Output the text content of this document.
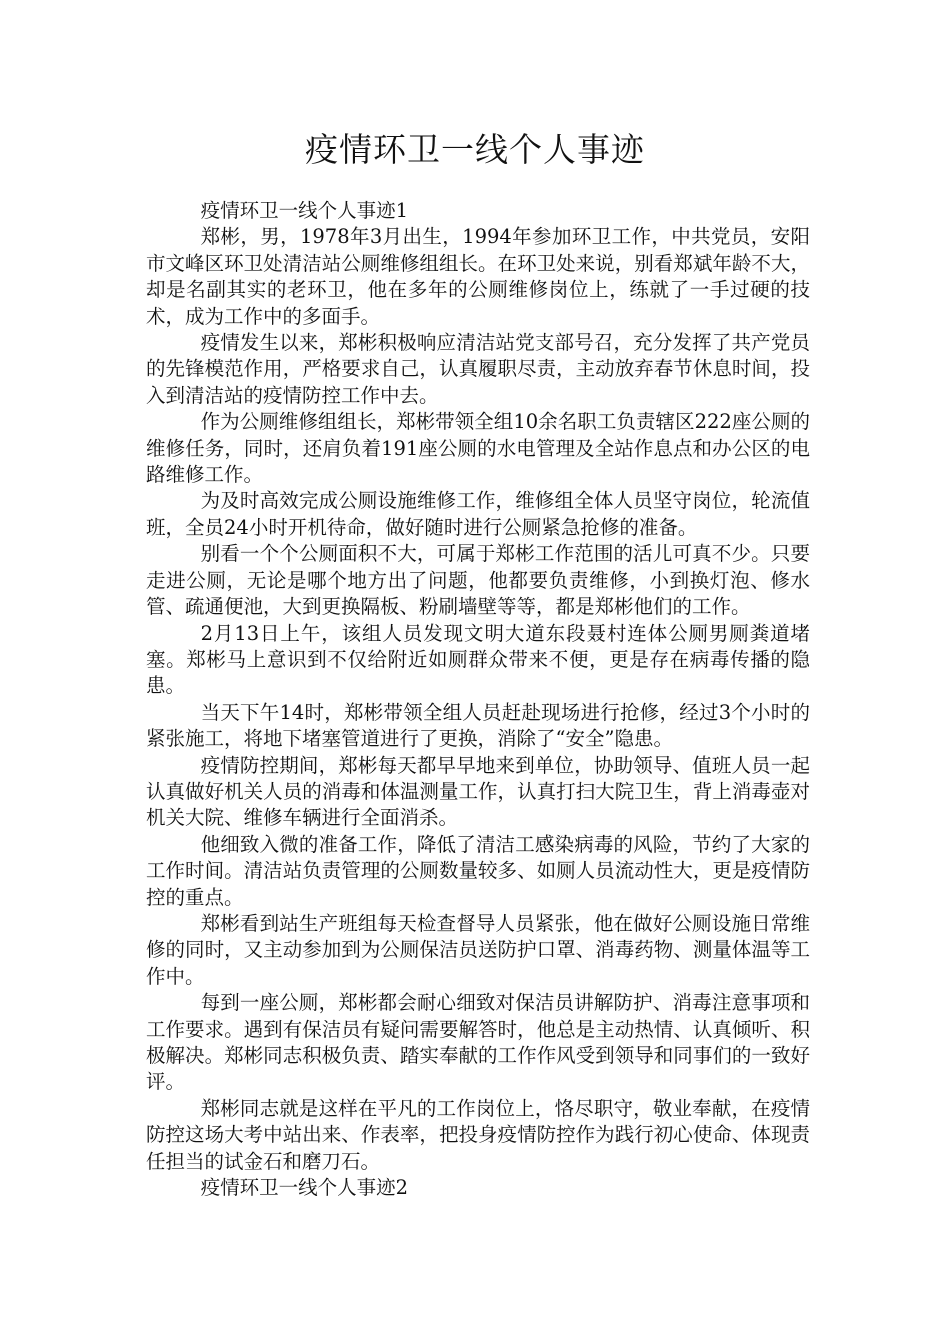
疫情环卫一线个人事迹

疫情环卫一线个人事迹1

郑彬，男，1978年3月出生，1994年参加环卫工作，中共党员，安阳市文峰区环卫处清洁站公厕维修组组长。在环卫处来说，别看郑斌年龄不大，却是名副其实的老环卫，他在多年的公厕维修岗位上，练就了一手过硬的技术，成为工作中的多面手。

疫情发生以来，郑彬积极响应清洁站党支部号召，充分发挥了共产党员的先锋模范作用，严格要求自己，认真履职尽责，主动放弃春节休息时间，投入到清洁站的疫情防控工作中去。

作为公厕维修组组长，郑彬带领全组10余名职工负责辖区222座公厕的维修任务，同时，还肩负着191座公厕的水电管理及全站作息点和办公区的电路维修工作。

为及时高效完成公厕设施维修工作，维修组全体人员坚守岗位，轮流值班，全员24小时开机待命，做好随时进行公厕紧急抢修的准备。

别看一个个公厕面积不大，可属于郑彬工作范围的活儿可真不少。只要走进公厕，无论是哪个地方出了问题，他都要负责维修，小到换灯泡、修水管、疏通便池，大到更换隔板、粉刷墙壁等等，都是郑彬他们的工作。

2月13日上午，该组人员发现文明大道东段聂村连体公厕男厕粪道堵塞。郑彬马上意识到不仅给附近如厕群众带来不便，更是存在病毒传播的隐患。

当天下午14时，郑彬带领全组人员赶赴现场进行抢修，经过3个小时的紧张施工，将地下堵塞管道进行了更换，消除了“安全”隐患。

疫情防控期间，郑彬每天都早早地来到单位，协助领导、值班人员一起认真做好机关人员的消毒和体温测量工作，认真打扫大院卫生，背上消毒壶对机关大院、维修车辆进行全面消杀。

他细致入微的准备工作，降低了清洁工感染病毒的风险，节约了大家的工作时间。清洁站负责管理的公厕数量较多、如厕人员流动性大，更是疫情防控的重点。

郑彬看到站生产班组每天检查督导人员紧张，他在做好公厕设施日常维修的同时，又主动参加到为公厕保洁员送防护口罩、消毒药物、测量体温等工作中。

每到一座公厕，郑彬都会耐心细致对保洁员讲解防护、消毒注意事项和工作要求。遇到有保洁员有疑问需要解答时，他总是主动热情、认真倾听、积极解决。郑彬同志积极负责、踏实奉献的工作作风受到领导和同事们的一致好评。

郑彬同志就是这样在平凡的工作岗位上，恪尽职守，敬业奉献，在疫情防控这场大考中站出来、作表率，把投身疫情防控作为践行初心使命、体现责任担当的试金石和磨刀石。

疫情环卫一线个人事迹2
